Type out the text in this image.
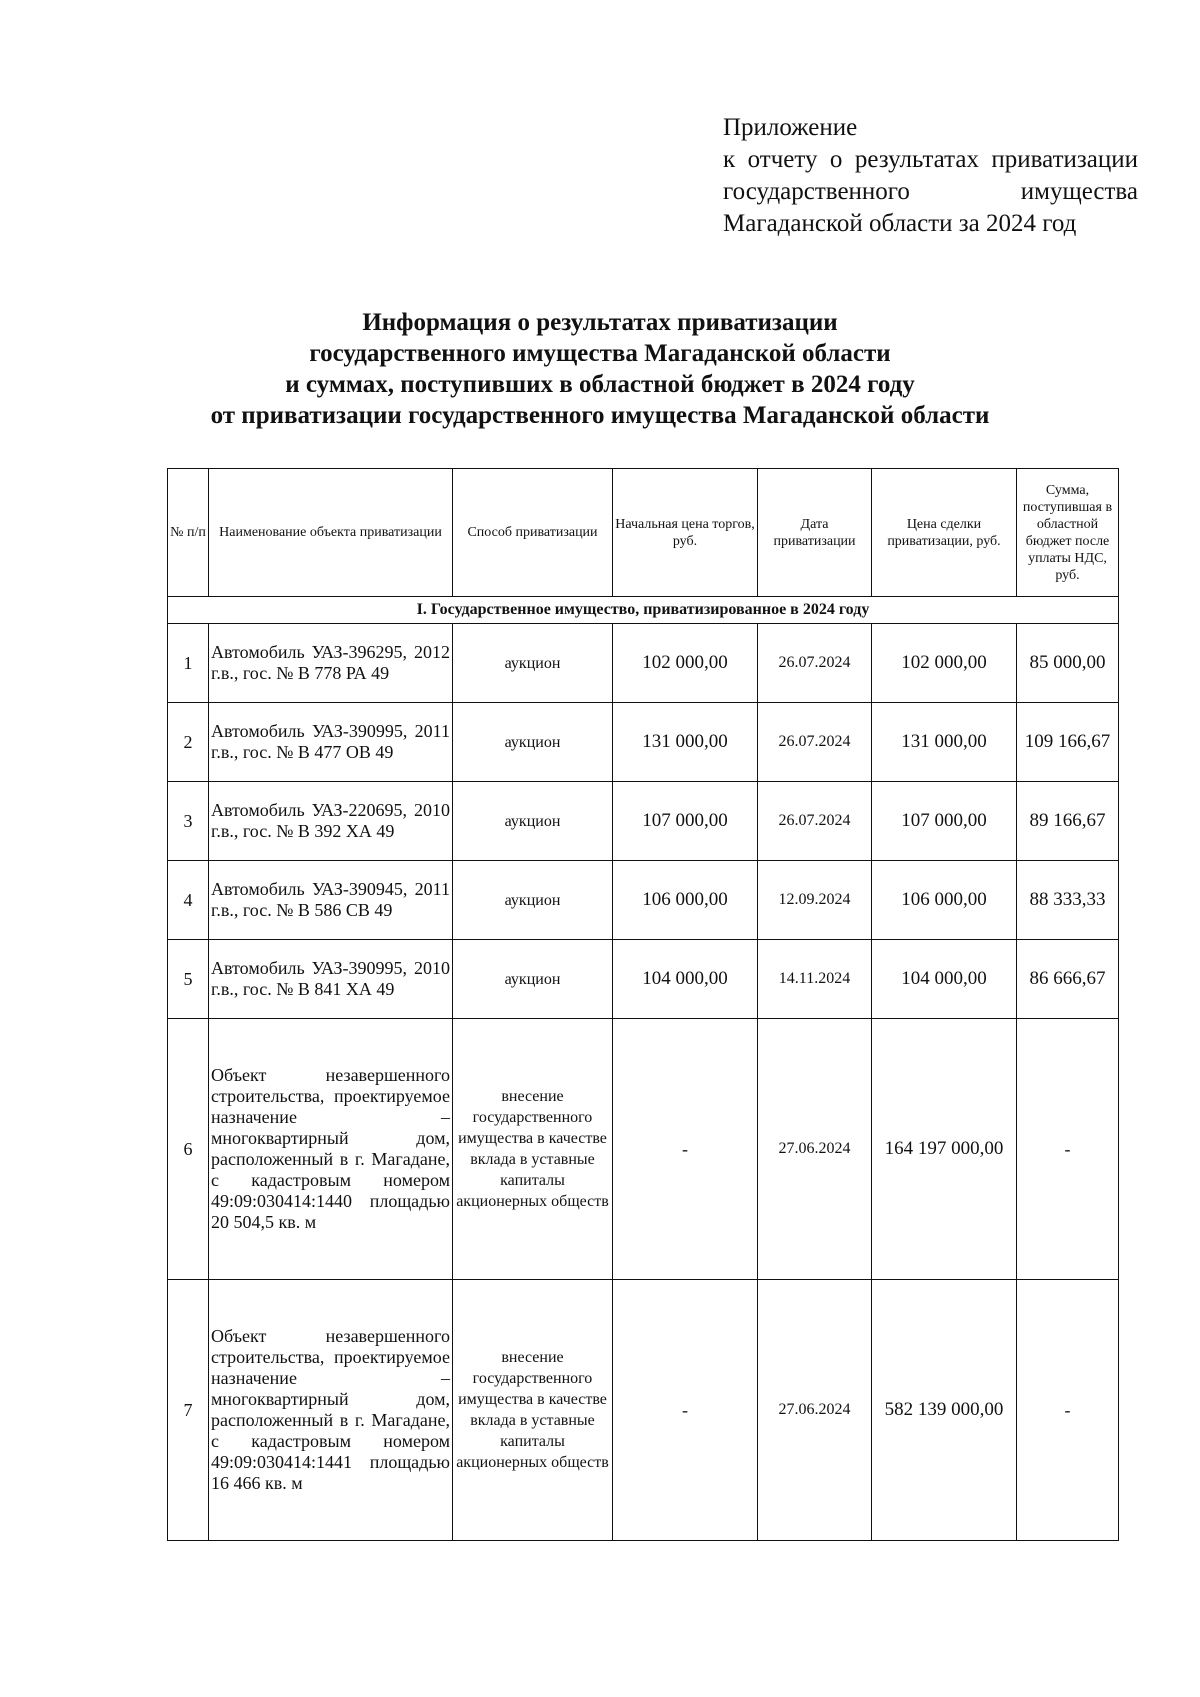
Приложение
к отчету о результатах приватизации государственного имущества Магаданской области за 2024 год
Информация о результатах приватизации
государственного имущества Магаданской области
и суммах, поступивших в областной бюджет в 2024 году
от приватизации государственного имущества Магаданской области
№ п/п	Наименование объекта приватизации	Способ приватизации	Начальная цена торгов, руб.	Дата приватизации	Цена сделки приватизации, руб.	Сумма, поступившая в областной бюджет после уплаты НДС, руб.
I. Государственное имущество, приватизированное в 2024 году						
1	Автомобиль УАЗ-396295, 2012 г.в., гос. № В 778 РА 49	аукцион	102 000,00	26.07.2024	102 000,00	85 000,00
2	Автомобиль УАЗ-390995, 2011 г.в., гос. № В 477 ОВ 49	аукцион	131 000,00	26.07.2024	131 000,00	109 166,67
3	Автомобиль УАЗ-220695, 2010 г.в., гос. № В 392 ХА 49	аукцион	107 000,00	26.07.2024	107 000,00	89 166,67
4	Автомобиль УАЗ-390945, 2011 г.в., гос. № В 586 СВ 49	аукцион	106 000,00	12.09.2024	106 000,00	88 333,33
5	Автомобиль УАЗ-390995, 2010 г.в., гос. № В 841 ХА 49	аукцион	104 000,00	14.11.2024	104 000,00	86 666,67
6	Объект незавершенного строительства, проектируемое назначение – многоквартирный дом, расположенный в г. Магадане, с кадастровым номером 49:09:030414:1440 площадью 20 504,5 кв. м	внесение государственного имущества в качестве вклада в уставные капиталы акционерных обществ	-	27.06.2024	164 197 000,00	-
7	Объект незавершенного строительства, проектируемое назначение – многоквартирный дом, расположенный в г. Магадане, с кадастровым номером 49:09:030414:1441 площадью 16 466 кв. м	внесение государственного имущества в качестве вклада в уставные капиталы акционерных обществ	-	27.06.2024	582 139 000,00	-
